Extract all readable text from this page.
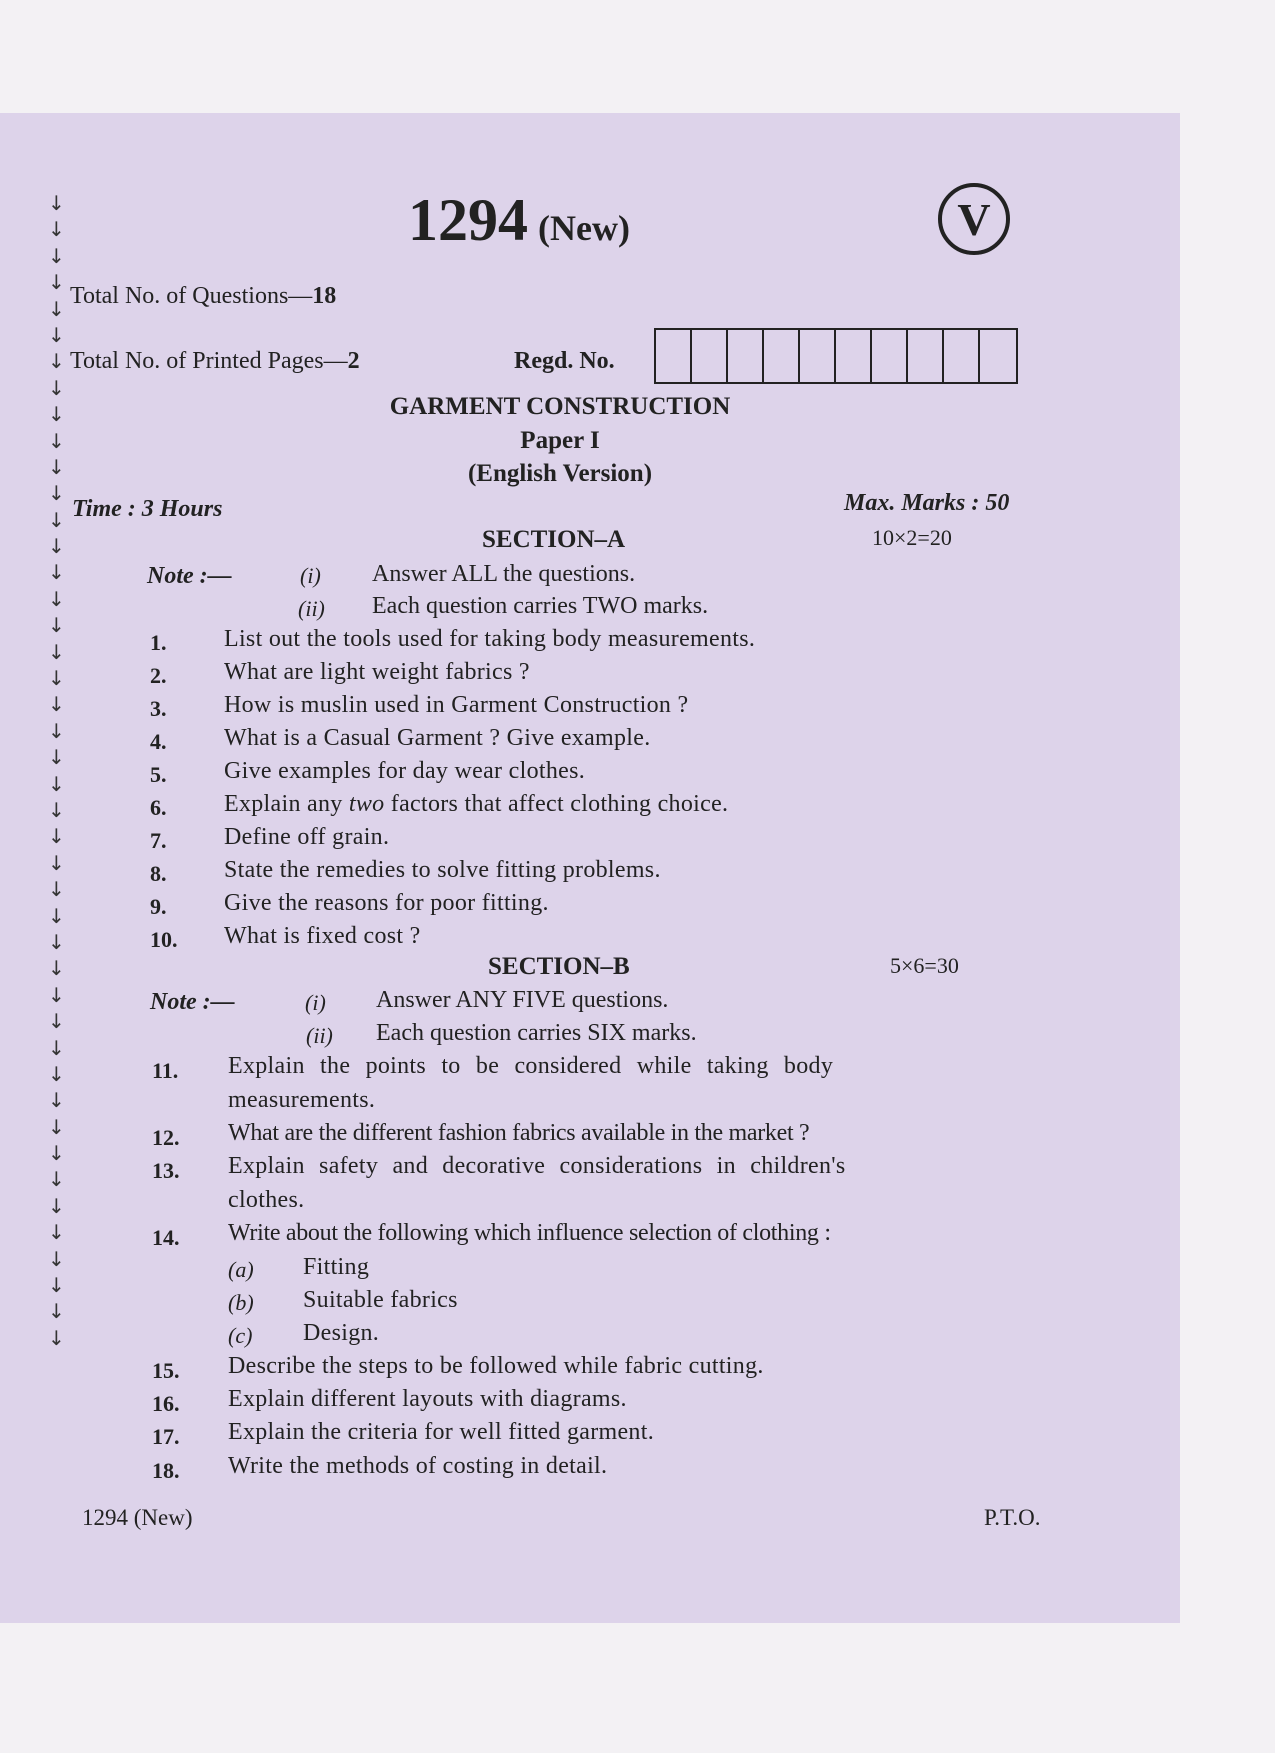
↓
↓
↓
↓
↓
↓
↓
↓
↓
↓
↓
↓
↓
↓
↓
↓
↓
↓
↓
↓
↓
↓
↓
↓
↓
↓
↓
↓
↓
↓
↓
↓
↓
↓
↓
↓
↓
↓
↓
↓
↓
↓
↓
↓
1294 (New)	V
Total No. of Questions—18
Total No. of Printed Pages—2	Regd. No.
GARMENT CONSTRUCTION
Paper I
(English Version)
Time : 3 Hours	Max. Marks : 50
SECTION–A	10×2=20
Note :—	(i) Answer ALL the questions.
(ii) Each question carries TWO marks.
1. List out the tools used for taking body measurements.
2. What are light weight fabrics ?
3. How is muslin used in Garment Construction ?
4. What is a Casual Garment ? Give example.
5. Give examples for day wear clothes.
6. Explain any two factors that affect clothing choice.
7. Define off grain.
8. State the remedies to solve fitting problems.
9. Give the reasons for poor fitting.
10. What is fixed cost ?
SECTION–B	5×6=30
Note :—	(i) Answer ANY FIVE questions.
(ii) Each question carries SIX marks.
11. Explain the points to be considered while taking body
measurements.
12. What are the different fashion fabrics available in the market ?
13. Explain safety and decorative considerations in children's
clothes.
14. Write about the following which influence selection of clothing :
(a) Fitting
(b) Suitable fabrics
(c) Design.
15. Describe the steps to be followed while fabric cutting.
16. Explain different layouts with diagrams.
17. Explain the criteria for well fitted garment.
18. Write the methods of costing in detail.
1294 (New)	P.T.O.
